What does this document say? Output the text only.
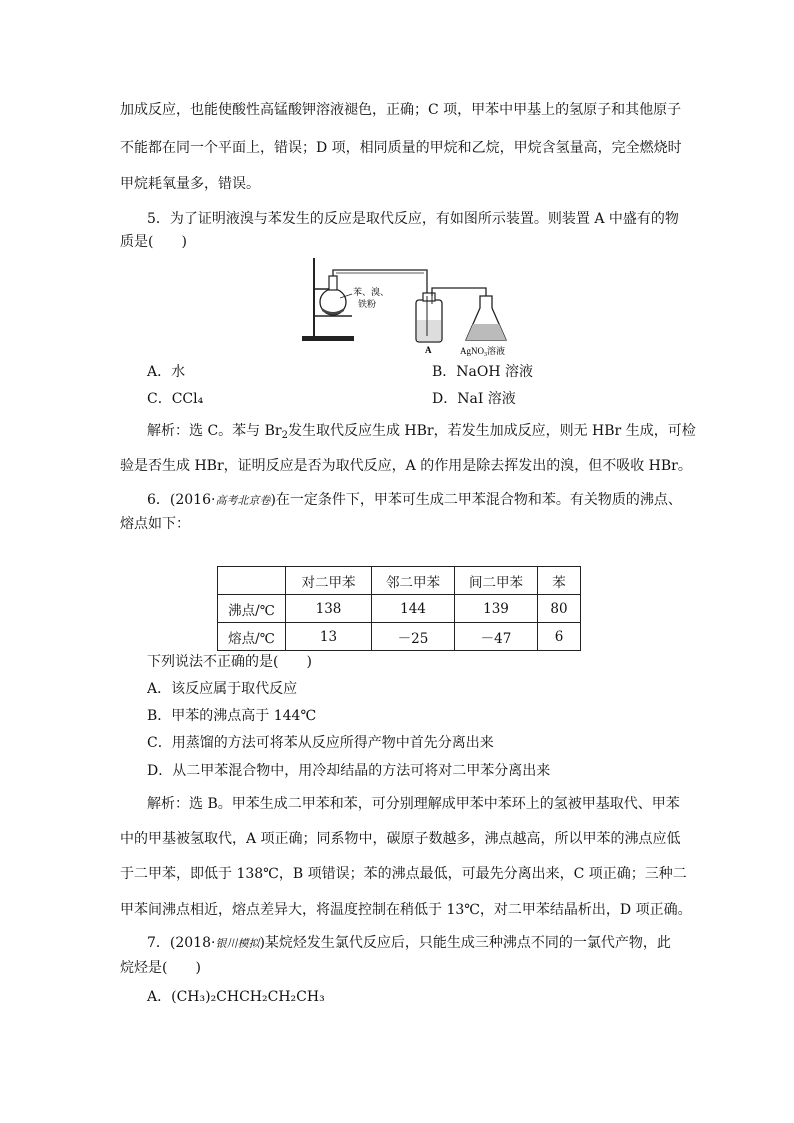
加成反应，也能使酸性高锰酸钾溶液褪色，正确；C 项，甲苯中甲基上的氢原子和其他原子
不能都在同一个平面上，错误；D 项，相同质量的甲烷和乙烷，甲烷含氢量高，完全燃烧时
甲烷耗氧量多，错误。
5．为了证明液溴与苯发生的反应是取代反应，有如图所示装置。则装置 A 中盛有的物
质是(　　)
苯、溴、
铁粉
A	AgNO$_3$溶液
A．水	B．NaOH 溶液
C．CCl₄	D．NaI 溶液
解析：选 C。苯与 $Br_2$发生取代反应生成 HBr，若发生加成反应，则无 HBr 生成，可检
验是否生成 HBr，证明反应是否为取代反应，A 的作用是除去挥发出的溴，但不吸收 HBr。
6．(2016·高考北京卷)在一定条件下，甲苯可生成二甲苯混合物和苯。有关物质的沸点、
熔点如下：
	对二甲苯	邻二甲苯	间二甲苯	苯
沸点/℃	138	144	139	80
熔点/℃	13	－25	－47	6
下列说法不正确的是(　　)
A．该反应属于取代反应
B．甲苯的沸点高于 144℃
C．用蒸馏的方法可将苯从反应所得产物中首先分离出来
D．从二甲苯混合物中，用冷却结晶的方法可将对二甲苯分离出来
解析：选 B。甲苯生成二甲苯和苯，可分别理解成甲苯中苯环上的氢被甲基取代、甲苯
中的甲基被氢取代，A 项正确；同系物中，碳原子数越多，沸点越高，所以甲苯的沸点应低
于二甲苯，即低于 138℃，B 项错误；苯的沸点最低，可最先分离出来，C 项正确；三种二
甲苯间沸点相近，熔点差异大，将温度控制在稍低于 13℃，对二甲苯结晶析出，D 项正确。
7．(2018·银川模拟)某烷烃发生氯代反应后，只能生成三种沸点不同的一氯代产物，此
烷烃是(　　)
A．(CH₃)₂CHCH₂CH₂CH₃
